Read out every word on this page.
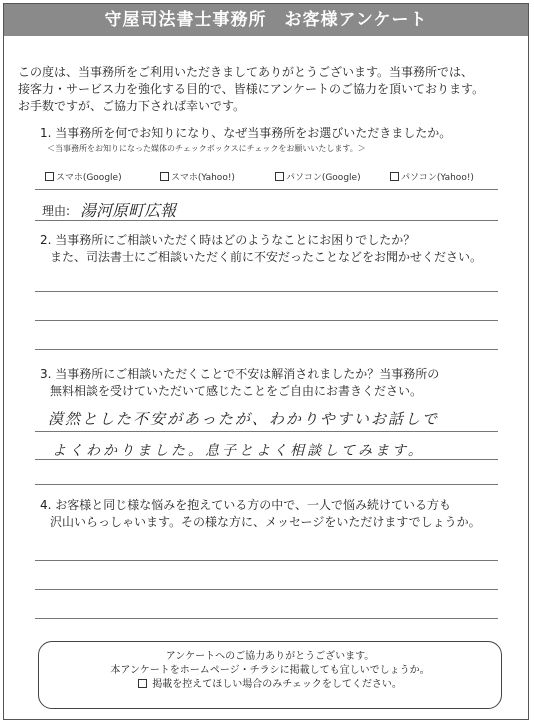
守屋司法書士事務所　お客様アンケート
この度は、当事務所をご利用いただきましてありがとうございます。当事務所では、
接客力・サービス力を強化する目的で、皆様にアンケートのご協力を頂いております。
お手数ですが、ご協力下されば幸いです。
1. 当事務所を何でお知りになり、なぜ当事務所をお選びいただきましたか。
＜当事務所をお知りになった媒体のチェックボックスにチェックをお願いいたします。＞
スマホ(Google)	スマホ(Yahoo!)	パソコン(Google)	パソコン(Yahoo!)
理由: 湯河原町広報
2. 当事務所にご相談いただく時はどのようなことにお困りでしたか？
また、司法書士にご相談いただく前に不安だったことなどをお聞かせください。
3. 当事務所にご相談いただくことで不安は解消されましたか？当事務所の
無料相談を受けていただいて感じたことをご自由にお書きください。
漠然とした不安があったが、わかりやすいお話しで
よくわかりました。息子とよく相談してみます。
4. お客様と同じ様な悩みを抱えている方の中で、一人で悩み続けている方も
沢山いらっしゃいます。その様な方に、メッセージをいただけますでしょうか。
アンケートへのご協力ありがとうございます。
本アンケートをホームページ・チラシに掲載しても宜しいでしょうか。
掲載を控えてほしい場合のみチェックをしてください。
